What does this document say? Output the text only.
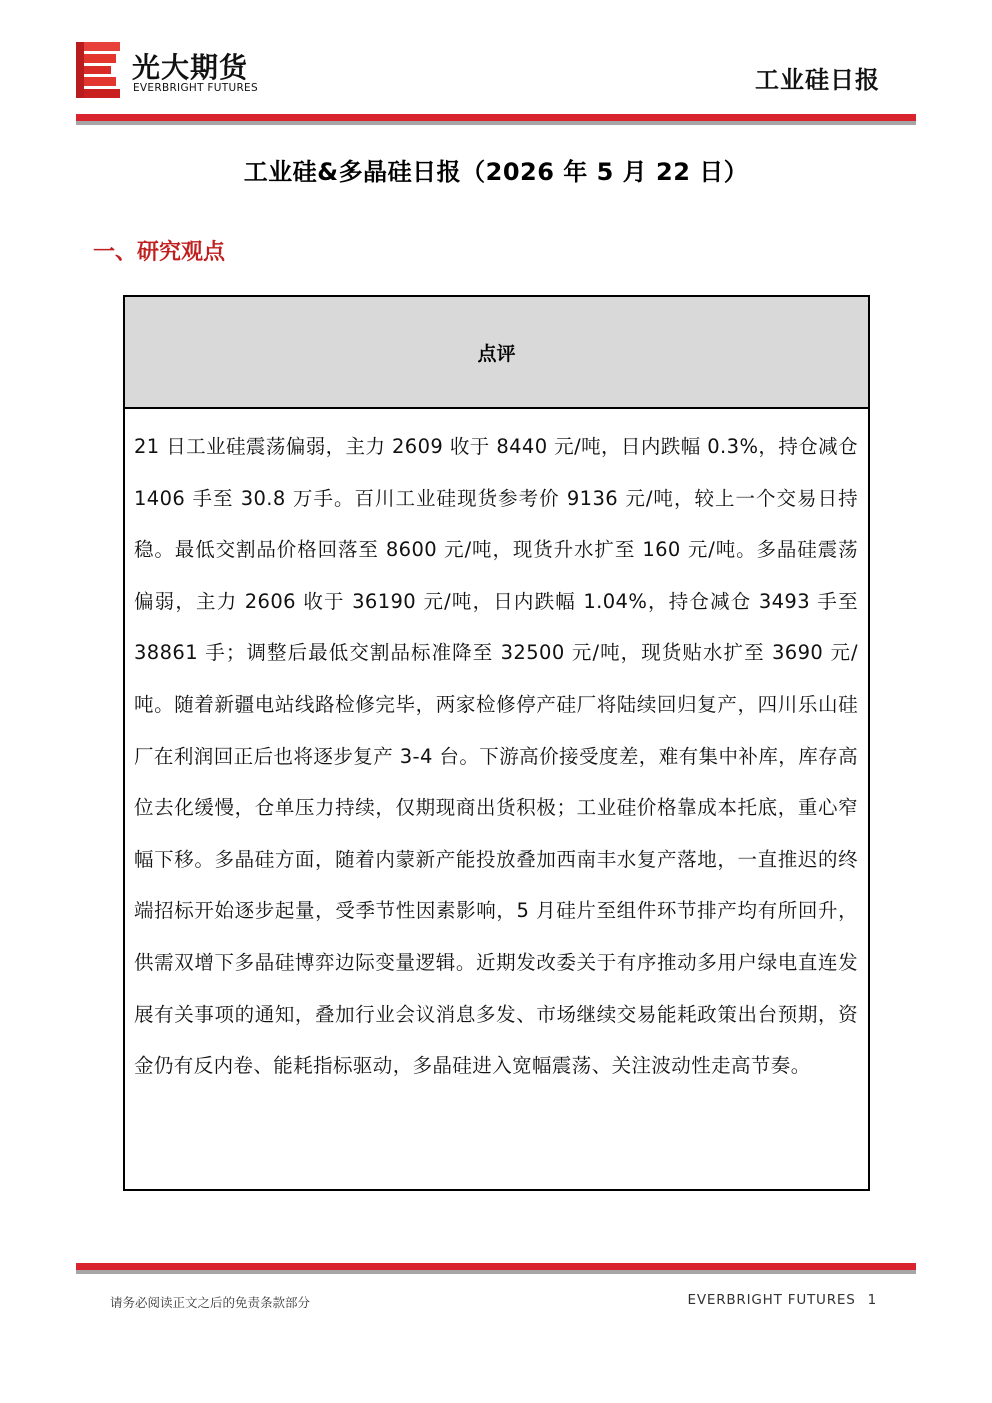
光大期货
EVERBRIGHT FUTURES	工业硅日报
工业硅&多晶硅日报（2026 年 5 月 22 日）
一、研究观点
点评
21 日工业硅震荡偏弱，主力 2609 收于 8440 元/吨，日内跌幅 0.3%，持仓减仓 1406 手至 30.8 万手。百川工业硅现货参考价 9136 元/吨，较上一个交易日持稳。最低交割品价格回落至 8600 元/吨，现货升水扩至 160 元/吨。多晶硅震荡偏弱，主力 2606 收于 36190 元/吨，日内跌幅 1.04%，持仓减仓 3493 手至 38861 手；调整后最低交割品标准降至 32500 元/吨，现货贴水扩至 3690 元/吨。随着新疆电站线路检修完毕，两家检修停产硅厂将陆续回归复产，四川乐山硅厂在利润回正后也将逐步复产 3-4 台。下游高价接受度差，难有集中补库，库存高位去化缓慢，仓单压力持续，仅期现商出货积极；工业硅价格靠成本托底，重心窄幅下移。多晶硅方面，随着内蒙新产能投放叠加西南丰水复产落地，一直推迟的终端招标开始逐步起量，受季节性因素影响，5 月硅片至组件环节排产均有所回升，供需双增下多晶硅博弈边际变量逻辑。近期发改委关于有序推动多用户绿电直连发展有关事项的通知，叠加行业会议消息多发、市场继续交易能耗政策出台预期，资金仍有反内卷、能耗指标驱动，多晶硅进入宽幅震荡、关注波动性走高节奏。
请务必阅读正文之后的免责条款部分	EVERBRIGHT FUTURES 1
